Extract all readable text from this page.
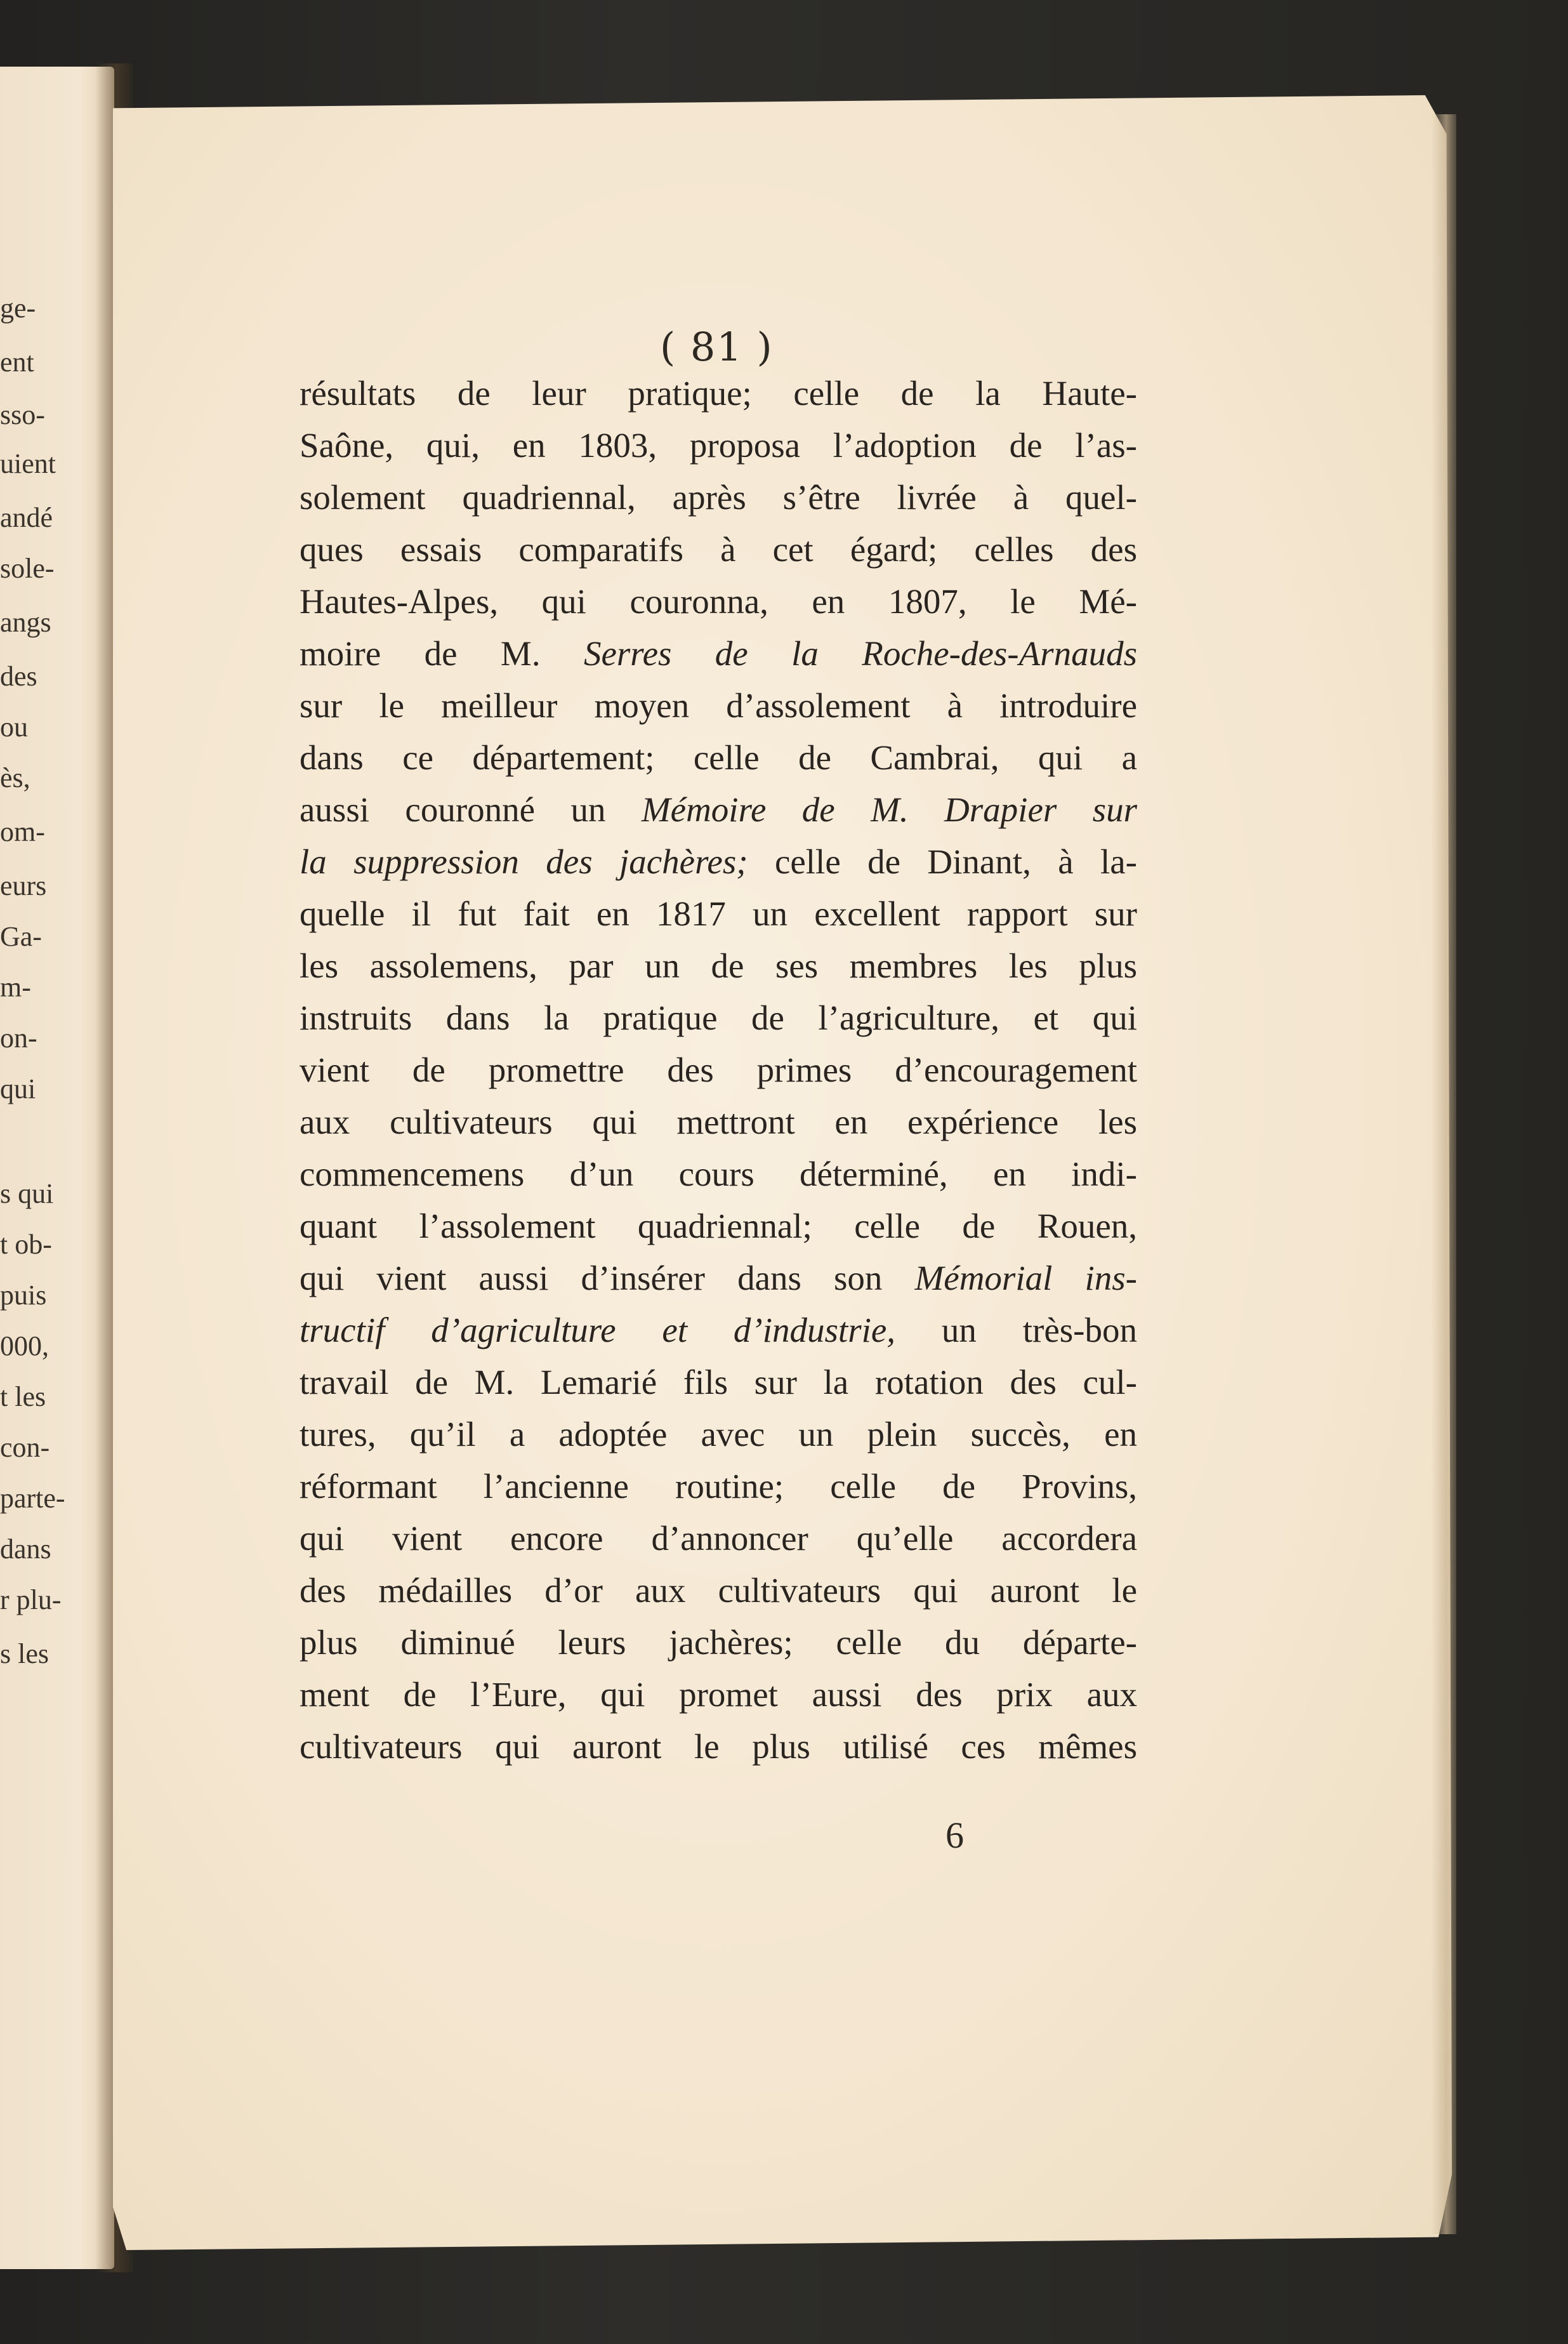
ge-
ent
sso-
uient
andé
sole-
angs
des
ou
ès,
om-
eurs
Ga-
m-
on-
qui
s qui
t ob-
puis
000,
t les
con-
parte-
dans
r plu-
s les
( 81 )
résultats de leur pratique; celle de la Haute-
Saône, qui, en 1803, proposa l’adoption de l’as-
solement quadriennal, après s’être livrée à quel-
ques essais comparatifs à cet égard; celles des
Hautes-Alpes, qui couronna, en 1807, le Mé-
moire de M. Serres de la Roche-des-Arnauds
sur le meilleur moyen d’assolement à introduire
dans ce département; celle de Cambrai, qui a
aussi couronné un Mémoire de M. Drapier sur
la suppression des jachères; celle de Dinant, à la-
quelle il fut fait en 1817 un excellent rapport sur
les assolemens, par un de ses membres les plus
instruits dans la pratique de l’agriculture, et qui
vient de promettre des primes d’encouragement
aux cultivateurs qui mettront en expérience les
commencemens d’un cours déterminé, en indi-
quant l’assolement quadriennal; celle de Rouen,
qui vient aussi d’insérer dans son Mémorial ins-
tructif d’agriculture et d’industrie, un très-bon
travail de M. Lemarié fils sur la rotation des cul-
tures, qu’il a adoptée avec un plein succès, en
réformant l’ancienne routine; celle de Provins,
qui vient encore d’annoncer qu’elle accordera
des médailles d’or aux cultivateurs qui auront le
plus diminué leurs jachères; celle du départe-
ment de l’Eure, qui promet aussi des prix aux
cultivateurs qui auront le plus utilisé ces mêmes
6
